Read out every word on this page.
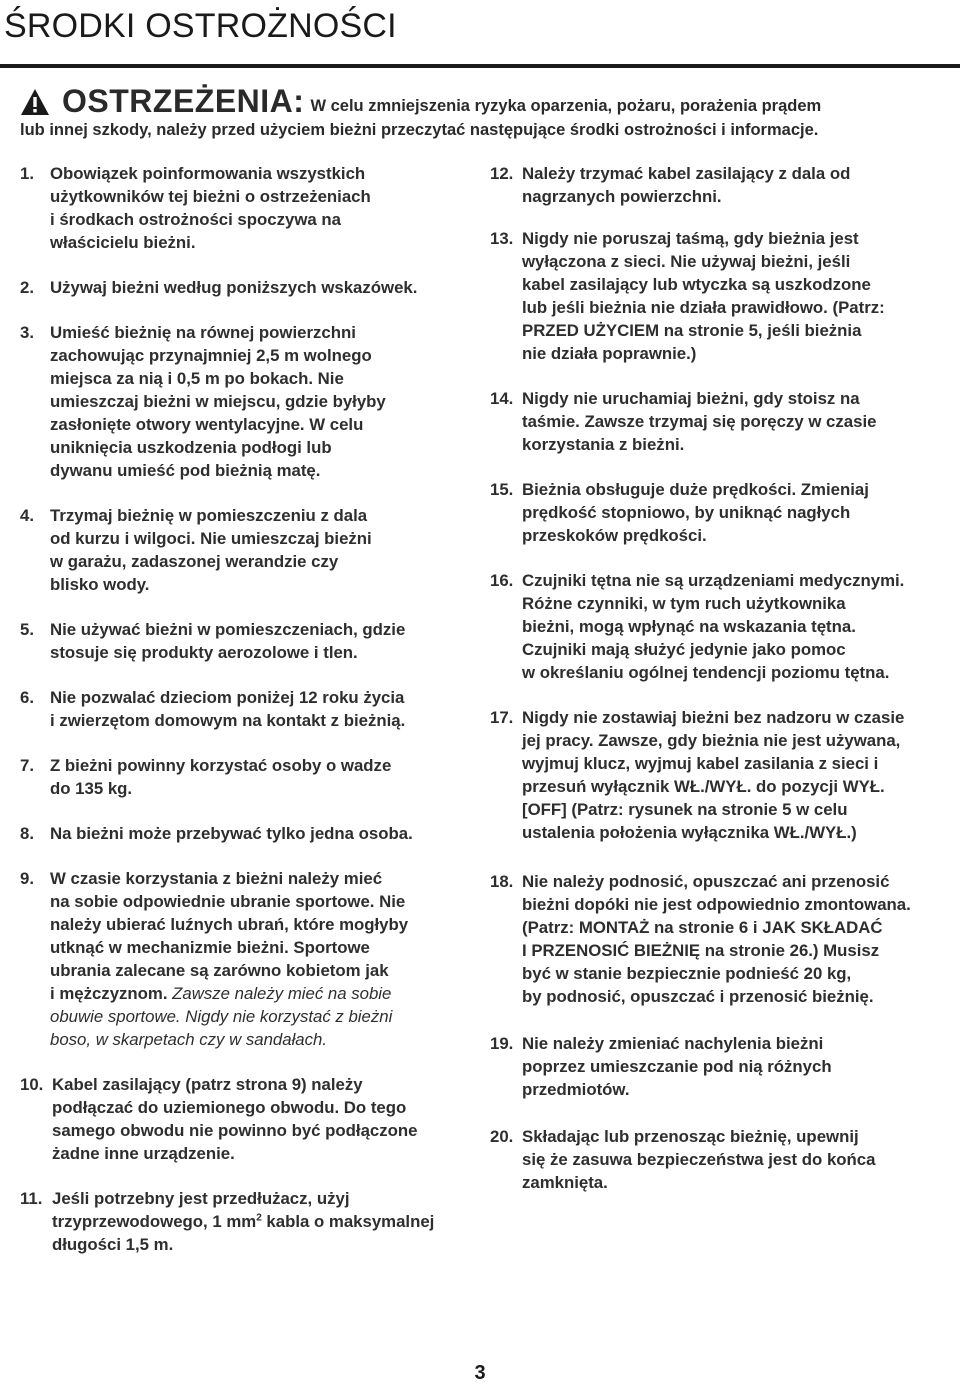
ŚRODKI OSTROŻNOŚCI
OSTRZEŻENIA: W celu zmniejszenia ryzyka oparzenia, pożaru, porażenia prądem
lub innej szkody, należy przed użyciem bieżni przeczytać następujące środki ostrożności i informacje.
1. Obowiązek poinformowania wszystkich
użytkowników tej bieżni o ostrzeżeniach
i środkach ostrożności spoczywa na
właścicielu bieżni.
2. Używaj bieżni według poniższych wskazówek.
3. Umieść bieżnię na równej powierzchni
zachowując przynajmniej 2,5 m wolnego
miejsca za nią i 0,5 m po bokach. Nie
umieszczaj bieżni w miejscu, gdzie byłyby
zasłonięte otwory wentylacyjne. W celu
uniknięcia uszkodzenia podłogi lub
dywanu umieść pod bieżnią matę.
4. Trzymaj bieżnię w pomieszczeniu z dala
od kurzu i wilgoci. Nie umieszczaj bieżni
w garażu, zadaszonej werandzie czy
blisko wody.
5. Nie używać bieżni w pomieszczeniach, gdzie
stosuje się produkty aerozolowe i tlen.
6. Nie pozwalać dzieciom poniżej 12 roku życia
i zwierzętom domowym na kontakt z bieżnią.
7. Z bieżni powinny korzystać osoby o wadze
do 135 kg.
8. Na bieżni może przebywać tylko jedna osoba.
9. W czasie korzystania z bieżni należy mieć
na sobie odpowiednie ubranie sportowe. Nie
należy ubierać luźnych ubrań, które mogłyby
utknąć w mechanizmie bieżni. Sportowe
ubrania zalecane są zarówno kobietom jak
i mężczyznom. Zawsze należy mieć na sobie
obuwie sportowe. Nigdy nie korzystać z bieżni
boso, w skarpetach czy w sandałach.
10. Kabel zasilający (patrz strona 9) należy
podłączać do uziemionego obwodu. Do tego
samego obwodu nie powinno być podłączone
żadne inne urządzenie.
11. Jeśli potrzebny jest przedłużacz, użyj
trzyprzewodowego, 1 $mm^2$ kabla o maksymalnej
długości 1,5 m.
12. Należy trzymać kabel zasilający z dala od
nagrzanych powierzchni.
13. Nigdy nie poruszaj taśmą, gdy bieżnia jest
wyłączona z sieci. Nie używaj bieżni, jeśli
kabel zasilający lub wtyczka są uszkodzone
lub jeśli bieżnia nie działa prawidłowo. (Patrz:
PRZED UŻYCIEM na stronie 5, jeśli bieżnia
nie działa poprawnie.)
14. Nigdy nie uruchamiaj bieżni, gdy stoisz na
taśmie. Zawsze trzymaj się poręczy w czasie
korzystania z bieżni.
15. Bieżnia obsługuje duże prędkości. Zmieniaj
prędkość stopniowo, by uniknąć nagłych
przeskoków prędkości.
16. Czujniki tętna nie są urządzeniami medycznymi.
Różne czynniki, w tym ruch użytkownika
bieżni, mogą wpłynąć na wskazania tętna.
Czujniki mają służyć jedynie jako pomoc
w określaniu ogólnej tendencji poziomu tętna.
17. Nigdy nie zostawiaj bieżni bez nadzoru w czasie
jej pracy. Zawsze, gdy bieżnia nie jest używana,
wyjmuj klucz, wyjmuj kabel zasilania z sieci i
przesuń wyłącznik WŁ./WYŁ. do pozycji WYŁ.
[OFF] (Patrz: rysunek na stronie 5 w celu
ustalenia położenia wyłącznika WŁ./WYŁ.)
18. Nie należy podnosić, opuszczać ani przenosić
bieżni dopóki nie jest odpowiednio zmontowana.
(Patrz: MONTAŻ na stronie 6 i JAK SKŁADAĆ
I PRZENOSIĆ BIEŻNIĘ na stronie 26.) Musisz
być w stanie bezpiecznie podnieść 20 kg,
by podnosić, opuszczać i przenosić bieżnię.
19. Nie należy zmieniać nachylenia bieżni
poprzez umieszczanie pod nią różnych
przedmiotów.
20. Składając lub przenosząc bieżnię, upewnij
się że zasuwa bezpieczeństwa jest do końca
zamknięta.
3
